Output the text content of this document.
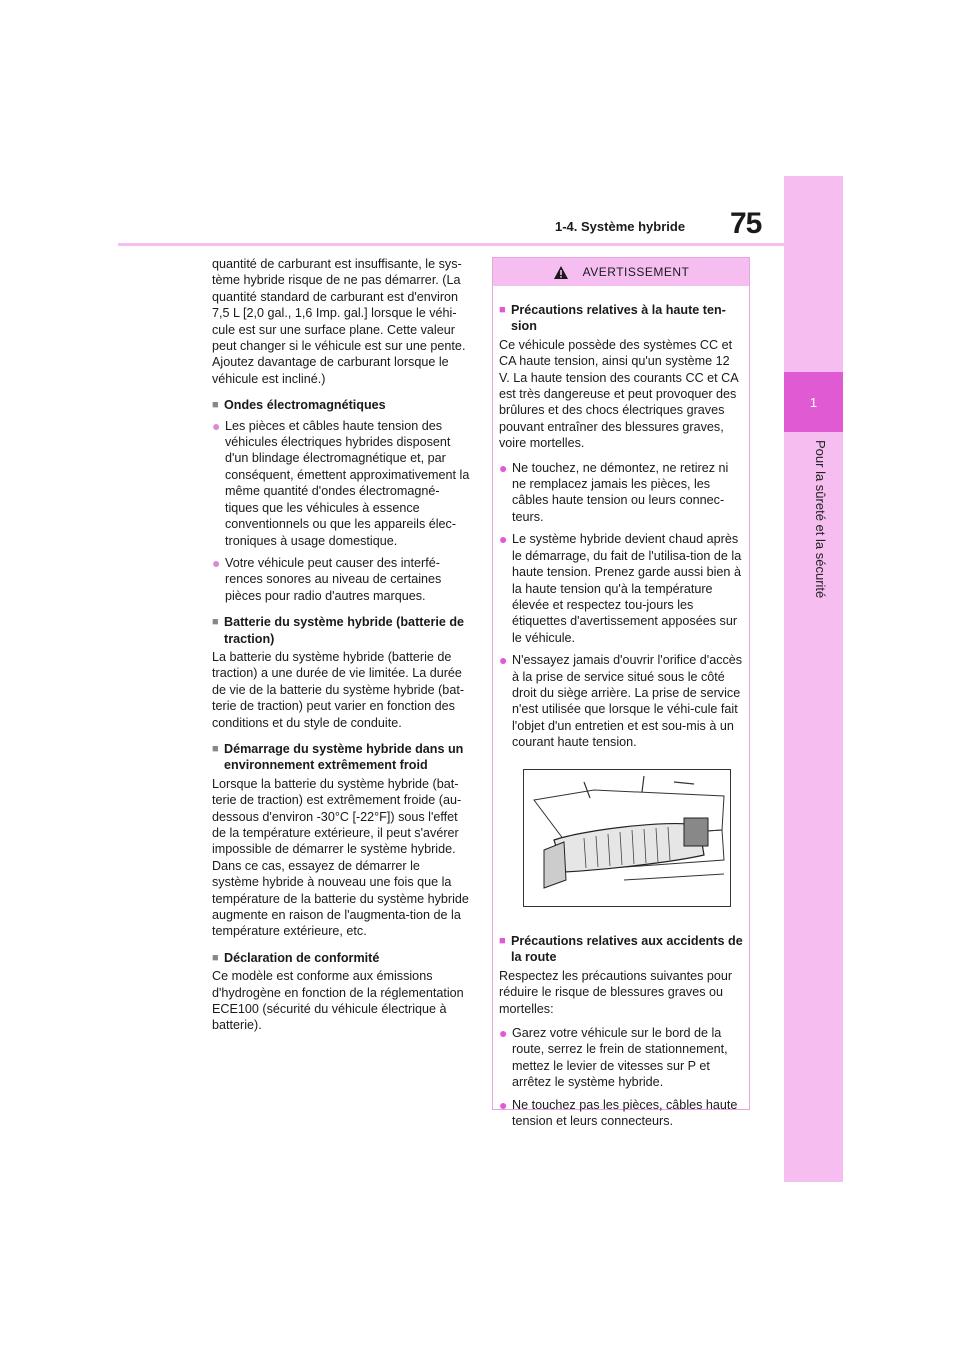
1
Pour la sûreté et la sécurité
1-4. Système hybride 75

quantité de carburant est insuffisante, le sys-tème hybride risque de ne pas démarrer. (La quantité standard de carburant est d'environ 7,5 L [2,0 gal., 1,6 Imp. gal.] lorsque le véhi-cule est sur une surface plane. Cette valeur peut changer si le véhicule est sur une pente. Ajoutez davantage de carburant lorsque le véhicule est incliné.)

■ Ondes électromagnétiques
● Les pièces et câbles haute tension des véhicules électriques hybrides disposent d'un blindage électromagnétique et, par conséquent, émettent approximativement la même quantité d'ondes électromagné-tiques que les véhicules à essence conventionnels ou que les appareils élec-troniques à usage domestique.
● Votre véhicule peut causer des interfé-rences sonores au niveau de certaines pièces pour radio d'autres marques.
■ Batterie du système hybride (batterie de traction)

La batterie du système hybride (batterie de traction) a une durée de vie limitée. La durée de vie de la batterie du système hybride (bat-terie de traction) peut varier en fonction des conditions et du style de conduite.

■ Démarrage du système hybride dans un environnement extrêmement froid

Lorsque la batterie du système hybride (bat-terie de traction) est extrêmement froide (au-dessous d'environ -30°C [-22°F]) sous l'effet de la température extérieure, il peut s'avérer impossible de démarrer le système hybride. Dans ce cas, essayez de démarrer le système hybride à nouveau une fois que la température de la batterie du système hybride augmente en raison de l'augmenta-tion de la température extérieure, etc.

■ Déclaration de conformité

Ce modèle est conforme aux émissions d'hydrogène en fonction de la réglementation ECE100 (sécurité du véhicule électrique à batterie).

AVERTISSEMENT
■ Précautions relatives à la haute ten-sion

Ce véhicule possède des systèmes CC et CA haute tension, ainsi qu'un système 12 V. La haute tension des courants CC et CA est très dangereuse et peut provoquer des brûlures et des chocs électriques graves pouvant entraîner des blessures graves, voire mortelles.

● Ne touchez, ne démontez, ne retirez ni ne remplacez jamais les pièces, les câbles haute tension ou leurs connec-teurs.
● Le système hybride devient chaud après le démarrage, du fait de l'utilisa-tion de la haute tension. Prenez garde aussi bien à la haute tension qu'à la température élevée et respectez tou-jours les étiquettes d'avertissement apposées sur le véhicule.
● N'essayez jamais d'ouvrir l'orifice d'accès à la prise de service situé sous le côté droit du siège arrière. La prise de service n'est utilisée que lorsque le véhi-cule fait l'objet d'un entretien et est sou-mis à un courant haute tension.
■ Précautions relatives aux accidents de la route

Respectez les précautions suivantes pour réduire le risque de blessures graves ou mortelles:

● Garez votre véhicule sur le bord de la route, serrez le frein de stationnement, mettez le levier de vitesses sur P et arrêtez le système hybride.
● Ne touchez pas les pièces, câbles haute tension et leurs connecteurs.
